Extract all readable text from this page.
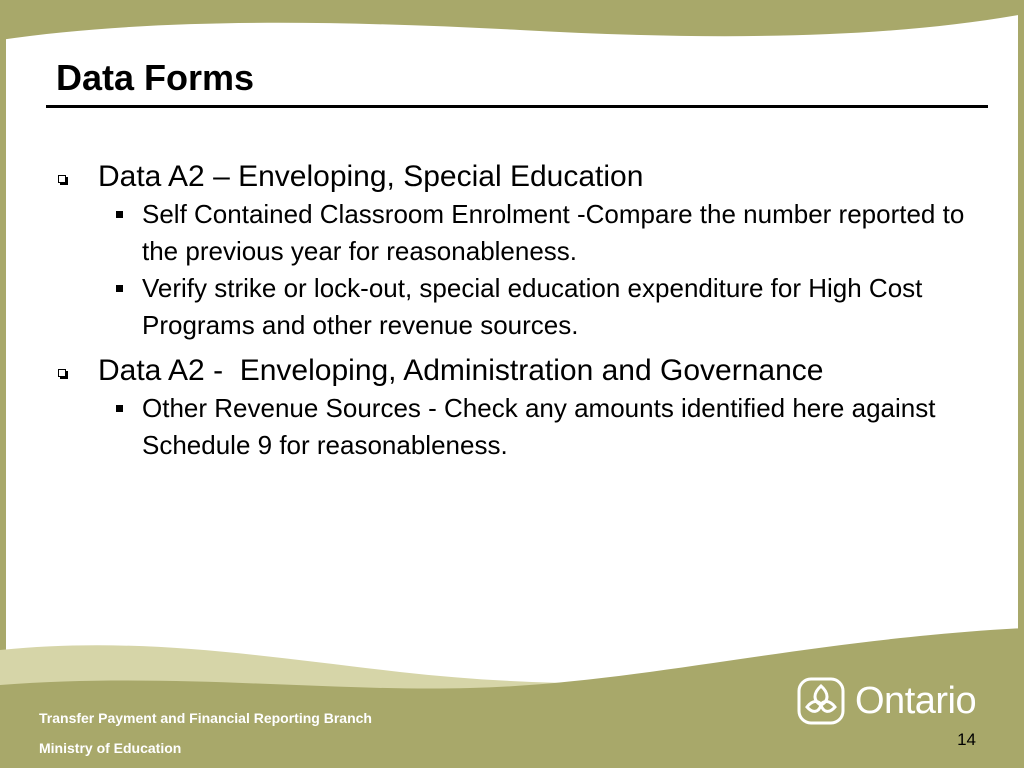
Data Forms
Data A2 – Enveloping, Special Education
Self Contained Classroom Enrolment -Compare the number reported to the previous year for reasonableness.
Verify strike or lock-out, special education expenditure for High Cost Programs and other revenue sources.
Data A2 -  Enveloping, Administration and Governance
Other Revenue Sources - Check any amounts identified here against Schedule 9 for reasonableness.
Transfer Payment and Financial Reporting Branch
Ministry of Education
Ontario
14
